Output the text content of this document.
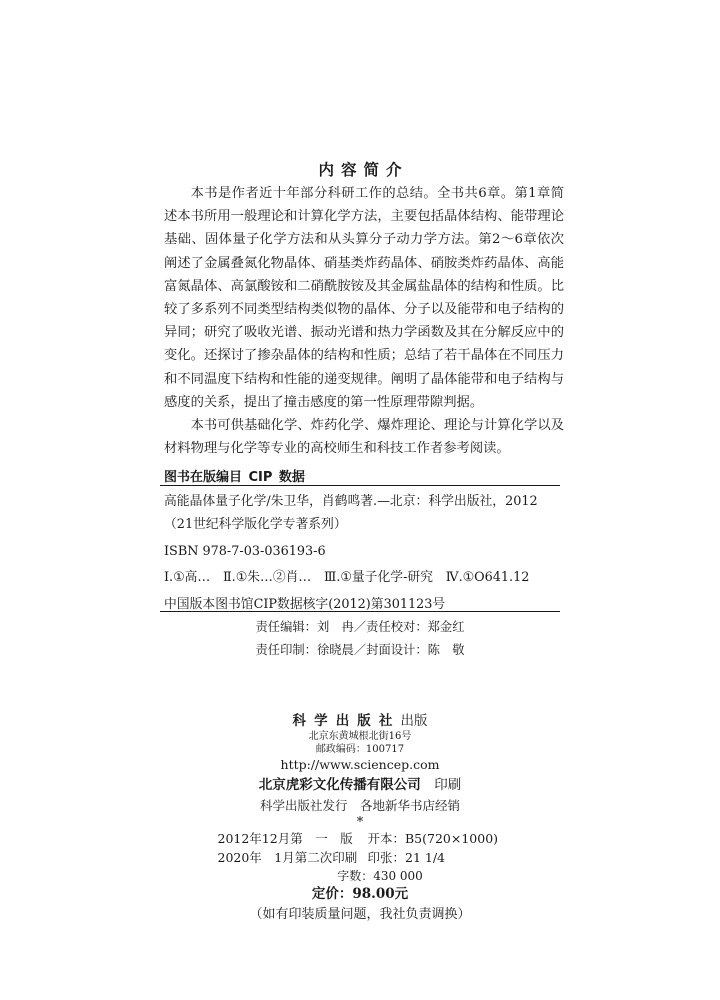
内容简介

本书是作者近十年部分科研工作的总结。全书共6章。第1章简述本书所用一般理论和计算化学方法，主要包括晶体结构、能带理论基础、固体量子化学方法和从头算分子动力学方法。第2～6章依次阐述了金属叠氮化物晶体、硝基类炸药晶体、硝胺类炸药晶体、高能富氮晶体、高氯酸铵和二硝酰胺铵及其金属盐晶体的结构和性质。比较了多系列不同类型结构类似物的晶体、分子以及能带和电子结构的异同；研究了吸收光谱、振动光谱和热力学函数及其在分解反应中的变化。还探讨了掺杂晶体的结构和性质；总结了若干晶体在不同压力和不同温度下结构和性能的递变规律。阐明了晶体能带和电子结构与感度的关系，提出了撞击感度的第一性原理带隙判据。

本书可供基础化学、炸药化学、爆炸理论、理论与计算化学以及材料物理与化学等专业的高校师生和科技工作者参考阅读。

图书在版编目 CIP 数据
高能晶体量子化学/朱卫华，肖鹤鸣著.—北京：科学出版社，2012
（21世纪科学版化学专著系列）
ISBN 978-7-03-036193-6
Ⅰ.①高…　Ⅱ.①朱…②肖…　Ⅲ.①量子化学-研究　Ⅳ.①O641.12
中国版本图书馆CIP数据核字(2012)第301123号
责任编辑：刘　冉／责任校对：郑金红
责任印制：徐晓晨／封面设计：陈　敬
科学出版社出版
北京东黄城根北街16号
邮政编码：100717
http://www.sciencep.com
北京虎彩文化传播有限公司　 印刷
科学出版社发行　各地新华书店经销
*
2012年12月第　一　版	开本：B5(720×1000)
2020年　1月第二次印刷 印张：21 1/4
字数：430 000
定价：98.00元
（如有印装质量问题，我社负责调换）
